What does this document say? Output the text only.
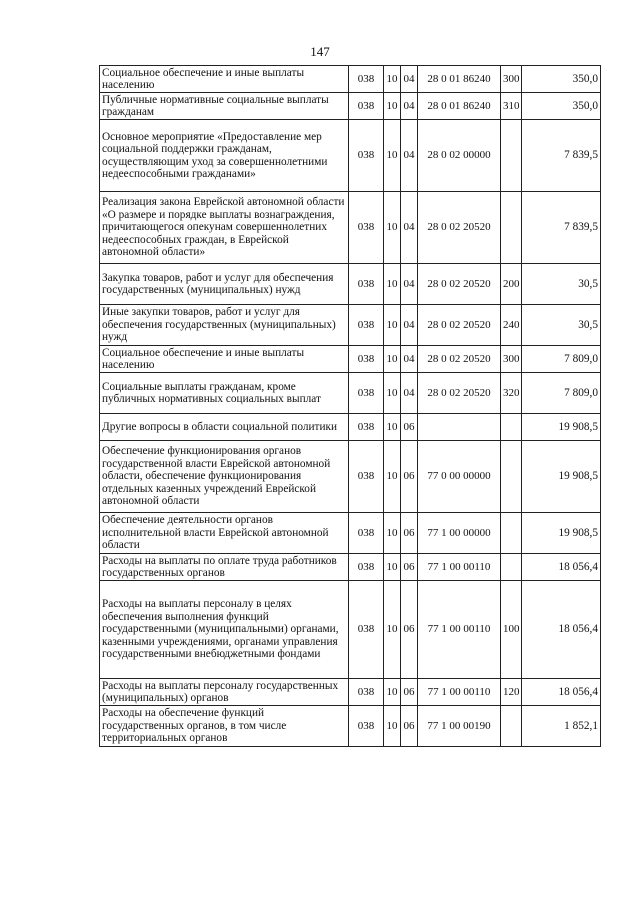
147
Социальное обеспечение и иные выплаты населению	038	10	04	28 0 01 86240	300	350,0
Публичные нормативные социальные выплаты гражданам	038	10	04	28 0 01 86240	310	350,0
Основное мероприятие «Предоставление мер социальной поддержки гражданам, осуществляющим уход за совершеннолетними недееспособными гражданами»	038	10	04	28 0 02 00000		7 839,5
Реализация закона Еврейской автономной области «О размере и порядке выплаты вознаграждения, причитающегося опекунам совершеннолетних недееспособных граждан, в Еврейской автономной области»	038	10	04	28 0 02 20520		7 839,5
Закупка товаров, работ и услуг для обеспечения государственных (муниципальных) нужд	038	10	04	28 0 02 20520	200	30,5
Иные закупки товаров, работ и услуг для обеспечения государственных (муниципальных) нужд	038	10	04	28 0 02 20520	240	30,5
Социальное обеспечение и иные выплаты населению	038	10	04	28 0 02 20520	300	7 809,0
Социальные выплаты гражданам, кроме публичных нормативных социальных выплат	038	10	04	28 0 02 20520	320	7 809,0
Другие вопросы в области социальной политики	038	10	06			19 908,5
Обеспечение функционирования органов государственной власти Еврейской автономной области, обеспечение функционирования отдельных казенных учреждений Еврейской автономной области	038	10	06	77 0 00 00000		19 908,5
Обеспечение деятельности органов исполнительной власти Еврейской автономной области	038	10	06	77 1 00 00000		19 908,5
Расходы на выплаты по оплате труда работников государственных органов	038	10	06	77 1 00 00110		18 056,4
Расходы на выплаты персоналу в целях обеспечения выполнения функций государственными (муниципальными) органами, казенными учреждениями, органами управления государственными внебюджетными фондами	038	10	06	77 1 00 00110	100	18 056,4
Расходы на выплаты персоналу государственных (муниципальных) органов	038	10	06	77 1 00 00110	120	18 056,4
Расходы на обеспечение функций государственных органов, в том числе территориальных органов	038	10	06	77 1 00 00190		1 852,1
